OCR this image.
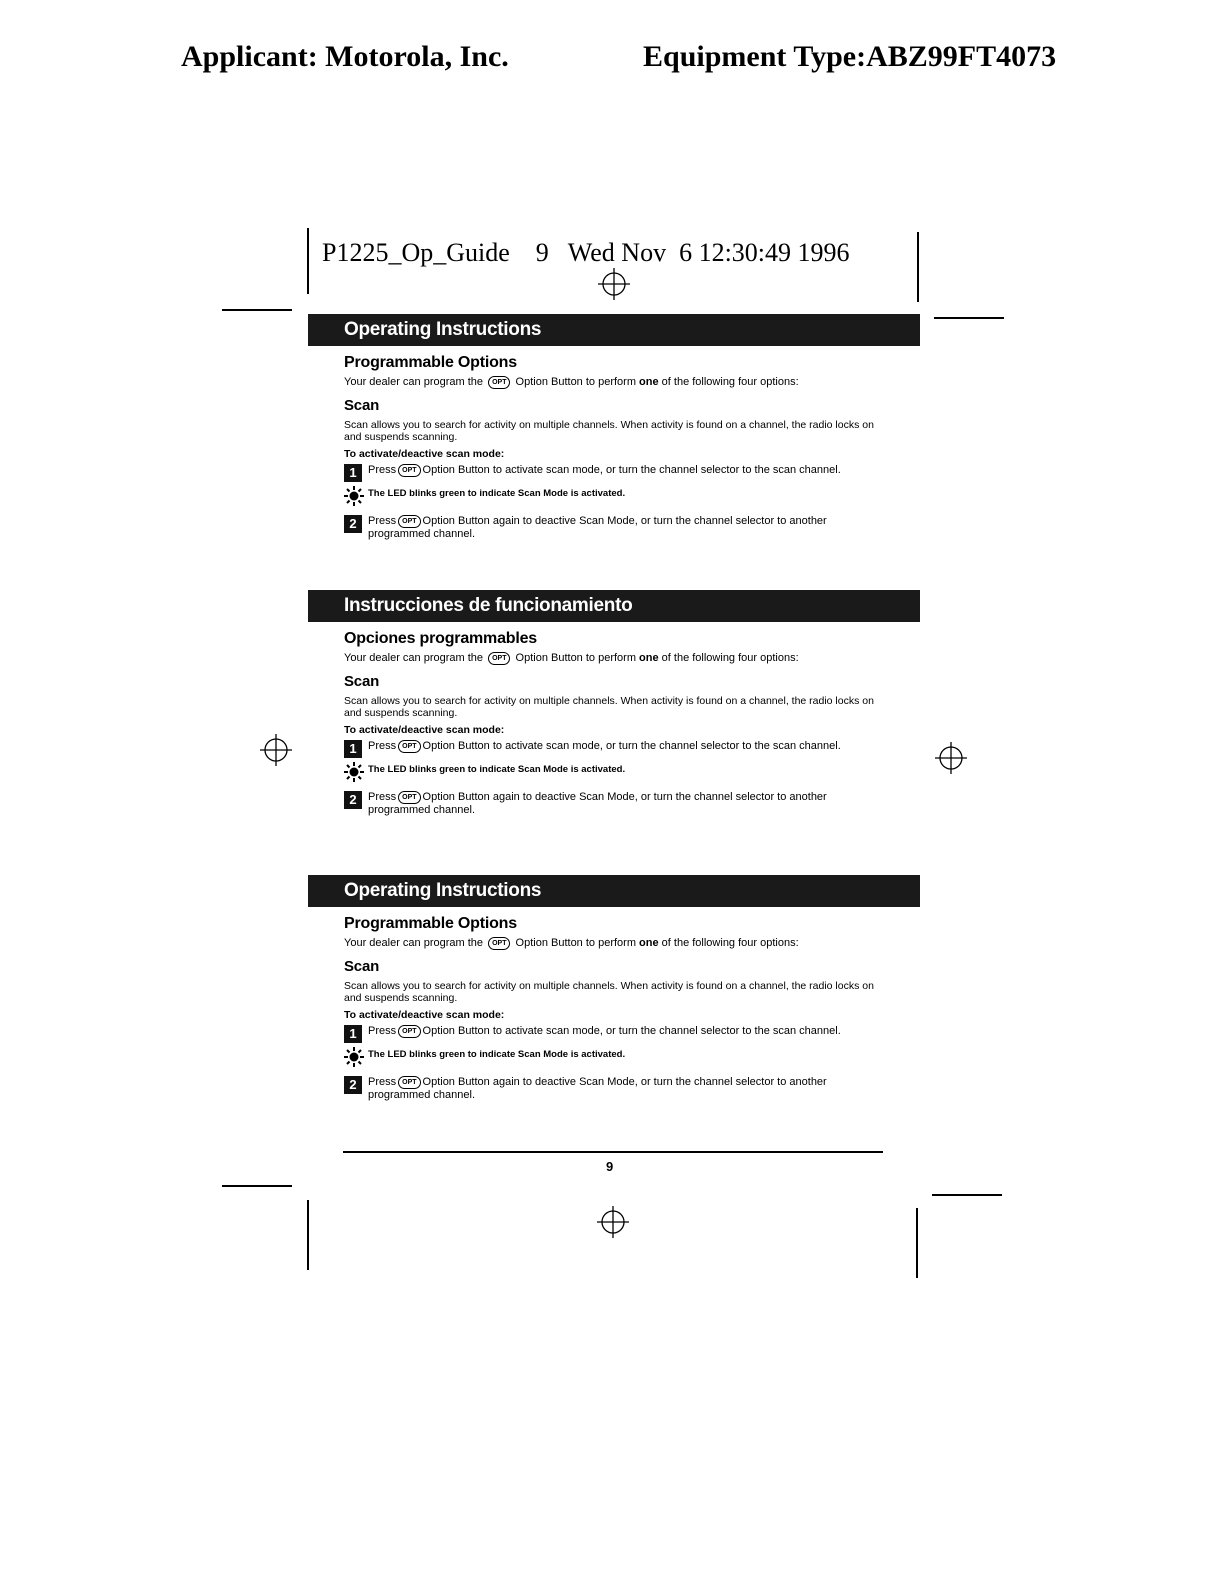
Applicant: Motorola, Inc.	Equipment Type:ABZ99FT4073
P1225_Op_Guide    9   Wed Nov  6 12:30:49 1996
Operating Instructions
Programmable Options
Your dealer can program the OPT Option Button to perform one of the following four options:
Scan
Scan allows you to search for activity on multiple channels. When activity is found on a channel, the radio locks on and suspends scanning.
To activate/deactive scan mode:
1	Press OPT Option Button to activate scan mode, or turn the channel selector to the scan channel.
The LED blinks green to indicate Scan Mode is activated.
2	Press OPT Option Button again to deactive Scan Mode, or turn the channel selector to another programmed channel.
Instrucciones de funcionamiento
Opciones programmables
Your dealer can program the OPT Option Button to perform one of the following four options:
Scan
Scan allows you to search for activity on multiple channels. When activity is found on a channel, the radio locks on and suspends scanning.
To activate/deactive scan mode:
1	Press OPT Option Button to activate scan mode, or turn the channel selector to the scan channel.
The LED blinks green to indicate Scan Mode is activated.
2	Press OPT Option Button again to deactive Scan Mode, or turn the channel selector to another programmed channel.
Operating Instructions
Programmable Options
Your dealer can program the OPT Option Button to perform one of the following four options:
Scan
Scan allows you to search for activity on multiple channels. When activity is found on a channel, the radio locks on and suspends scanning.
To activate/deactive scan mode:
1	Press OPT Option Button to activate scan mode, or turn the channel selector to the scan channel.
The LED blinks green to indicate Scan Mode is activated.
2	Press OPT Option Button again to deactive Scan Mode, or turn the channel selector to another programmed channel.
9
